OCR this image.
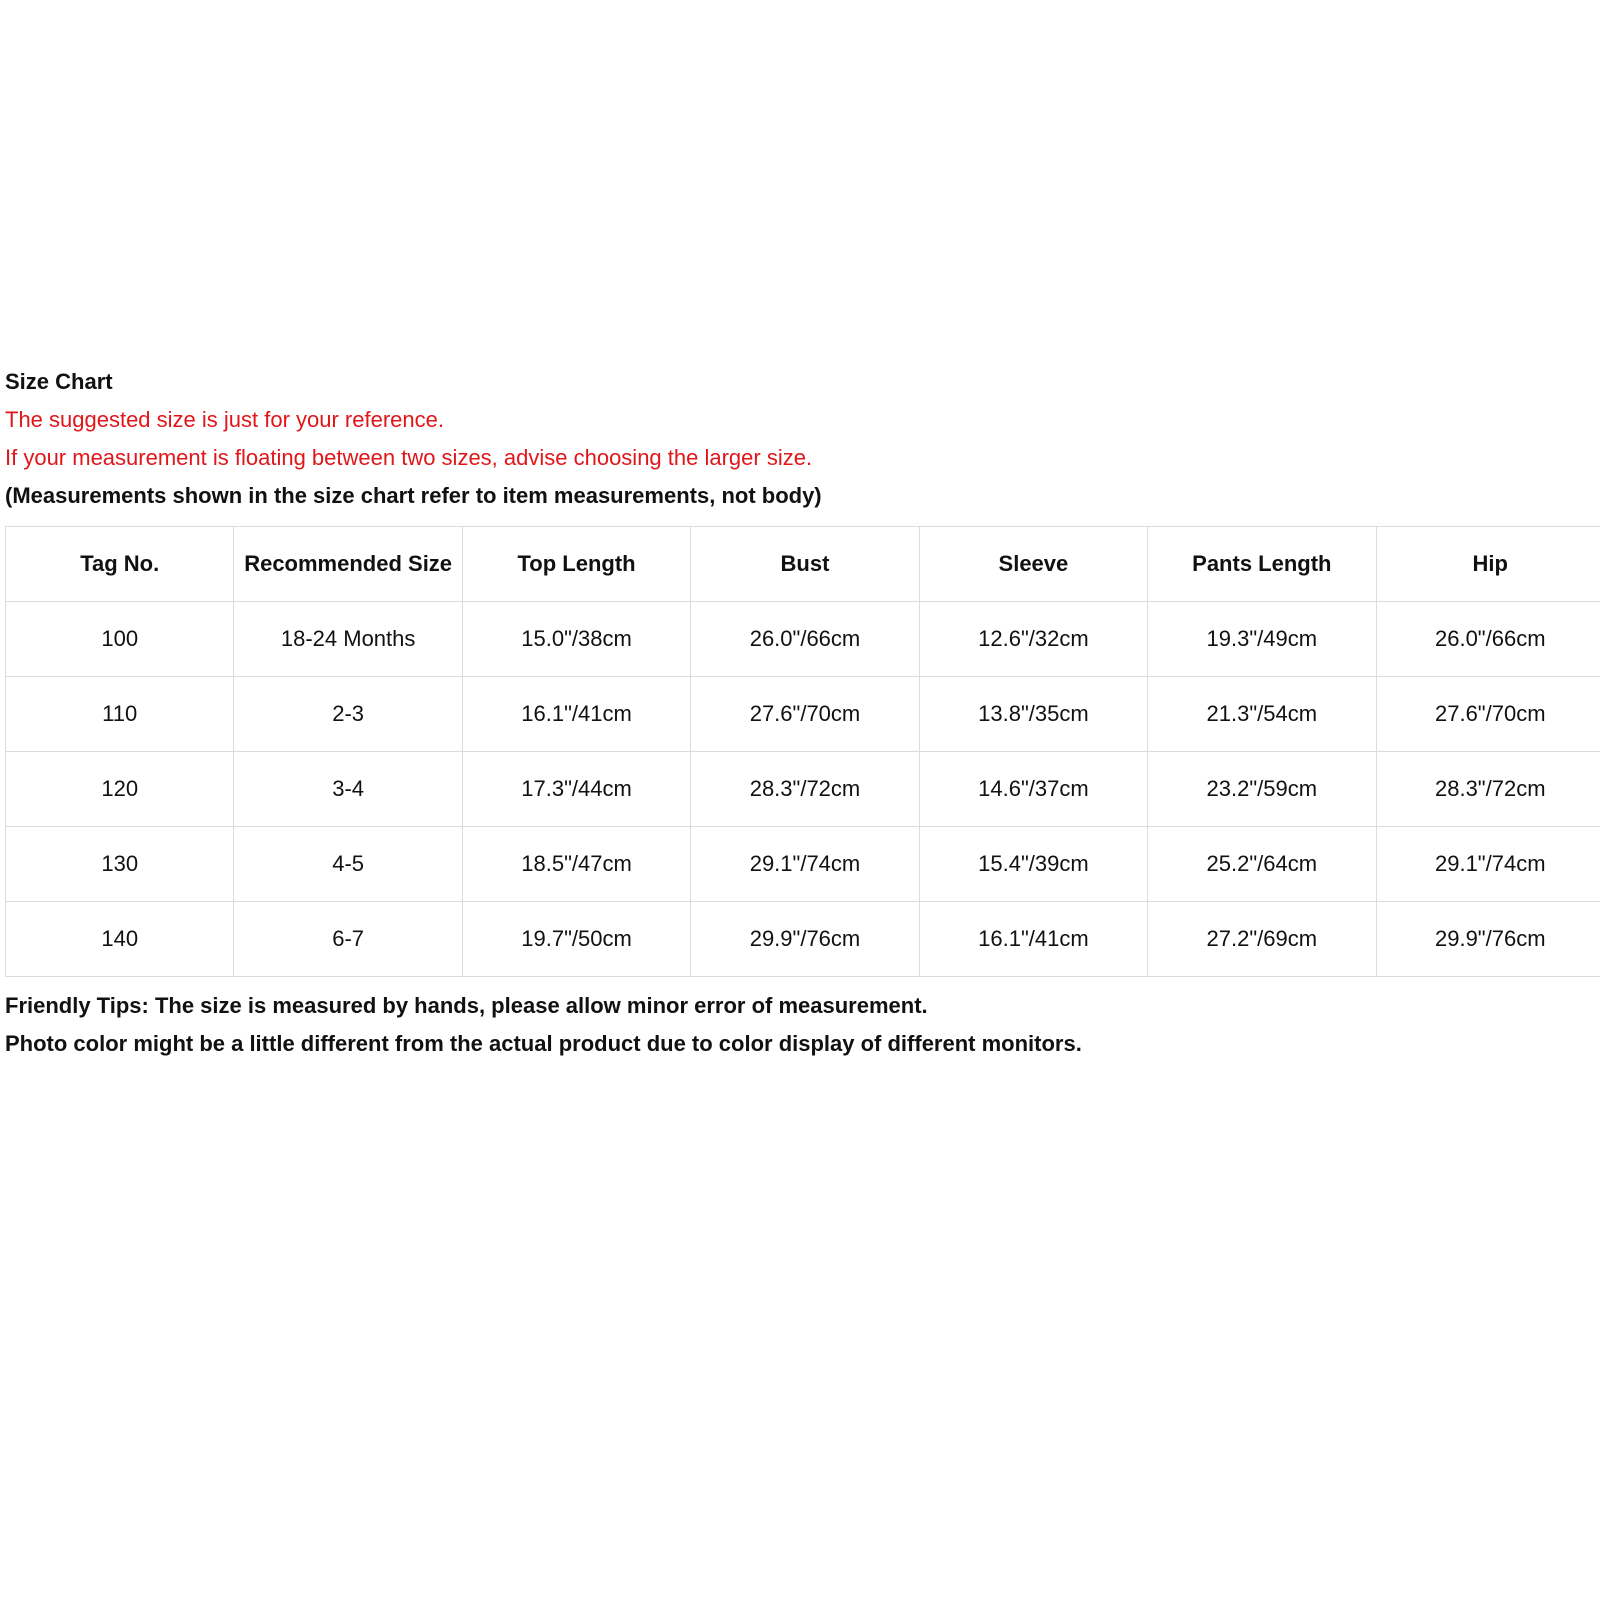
Size Chart
The suggested size is just for your reference.
If your measurement is floating between two sizes, advise choosing the larger size.
(Measurements shown in the size chart refer to item measurements, not body)
Tag No.	Recommended Size	Top Length	Bust	Sleeve	Pants Length	Hip
100	18-24 Months	15.0"/38cm	26.0"/66cm	12.6"/32cm	19.3"/49cm	26.0"/66cm
110	2-3	16.1"/41cm	27.6"/70cm	13.8"/35cm	21.3"/54cm	27.6"/70cm
120	3-4	17.3"/44cm	28.3"/72cm	14.6"/37cm	23.2"/59cm	28.3"/72cm
130	4-5	18.5"/47cm	29.1"/74cm	15.4"/39cm	25.2"/64cm	29.1"/74cm
140	6-7	19.7"/50cm	29.9"/76cm	16.1"/41cm	27.2"/69cm	29.9"/76cm
Friendly Tips: The size is measured by hands, please allow minor error of measurement.
Photo color might be a little different from the actual product due to color display of different monitors.
